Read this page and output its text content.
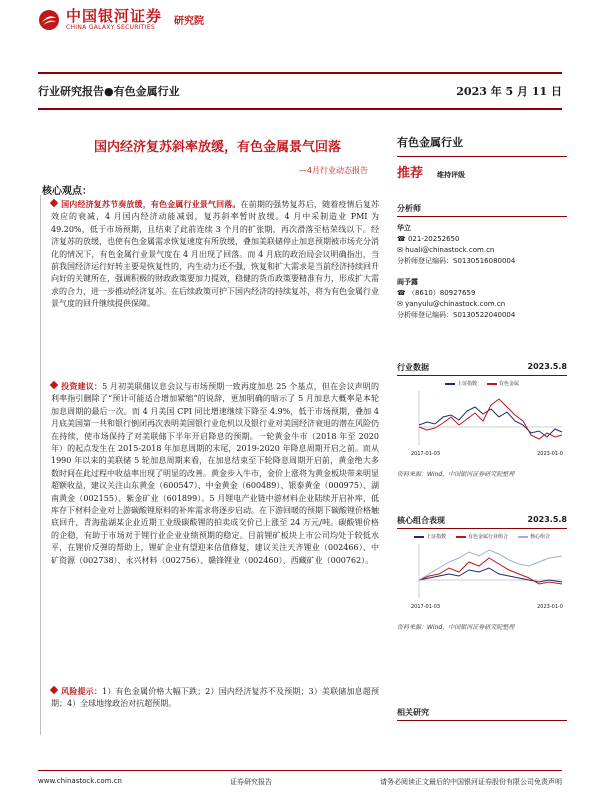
中国银河证券
CHINA GALAXY SECURITIES
研究院
行业研究报告●有色金属行业	2023 年 5 月 11 日
国内经济复苏斜率放缓，有色金属景气回落
—4月行业动态报告
核心观点：
国内经济复苏节奏放缓，有色金属行业景气回落。在前期的强势复苏后，随着疫情后复苏效应的衰减，4 月国内经济动能减弱，复苏斜率暂时放缓。4 月中采制造业 PMI 为 49.20%，低于市场预期，且结束了此前连续 3 个月的扩张期，再次滑落至枯荣线以下。经济复苏的放缓，也使有色金属需求恢复速度有所放缓，叠加美联储停止加息预期被市场充分消化的情况下，有色金属行业景气度在 4 月出现了回落。而 4 月底的政治局会议明确指出，当前我国经济运行好转主要是恢复性的，内生动力还不强，恢复和扩大需求是当前经济持续回升向好的关键所在，强调积极的财政政策要加力提效，稳健的货币政策要精准有力，形成扩大需求的合力，进一步推动经济复苏。在后续政策可护下国内经济的持续复苏，将为有色金属行业景气度的回升继续提供保障。
投资建议：5 月初美联储议息会议与市场预期一致再度加息 25 个基点，但在会议声明的利率指引删除了“预计可能适合增加紧缩”的说辞，更加明确的暗示了 5 月加息大概率是本轮加息周期的最后一次。而 4 月美国 CPI 同比增速继续下降至 4.9%，低于市场预期，叠加 4 月底美国第一共和银行倒闭再次表明美国银行业危机以及银行业对美国经济衰退的潜在风险仍在持续，使市场保持了对美联储下半年开启降息的预期。一轮黄金牛市（2018 年至 2020 年）的起点发生在 2015-2018 年加息周期的末尾，2019-2020 年降息周期开启之前。而从 1990 年以来的美联储 5 轮加息周期来看，在加息结束至下轮降息周期开启前，黄金绝大多数时间在此过程中收益率出现了明显的改善。黄金步入牛市，金价上涨将为黄金板块带来明显超额收益，建议关注山东黄金（600547）、中金黄金（600489）、银泰黄金（000975）、湖南黄金（002155）、紫金矿业（601899）。5 月锂电产业链中游材料企业陆续开启补库，低库存下材料企业对上游碳酸锂原料的补库需求将逐步启动。在下游回暖的预期下碳酸锂价格触底回升，青海盐湖某企业近期工业级碳酸锂的拍卖成交价已上涨至 24 万元/吨。碳酸锂价格的企稳，有助于市场对于锂行业企业业绩预期的稳定。目前锂矿板块上市公司均处于较低水平，在锂价反弹的帮助上，锂矿企业有望迎来估值修复，建议关注天齐锂业（002466）、中矿资源（002738）、永兴材料（002756）、赣锋锂业（002460）、西藏矿业（000762）。
风险提示：1）有色金属价格大幅下跌；2）国内经济复苏不及预期；3）美联储加息超预期；4）全球地缘政治对抗超预期。
有色金属行业
推荐 维持评级
分析师
华立
☎ 021-20252650
✉ huali@chinastock.com.cn
分析师登记编码：S0130516080004
阎予露
☎ （8610）80927659
✉ yanyulu@chinastock.com.cn
分析师登记编码：S0130522040004
行业数据	2023.5.8
上证指数	有色金属
2017-01-03	2023-01-0
资料来源：Wind，中国银河证券研究院整理
核心组合表现	2023.5.8
上证指数	有色金属行业组合	核心组合
2017-01-03	2023-01-0
资料来源：Wind，中国银河证券研究院整理
相关研究
www.chinastock.com.cn	证券研究报告	请务必阅读正文最后的中国银河证券股份有限公司免责声明
